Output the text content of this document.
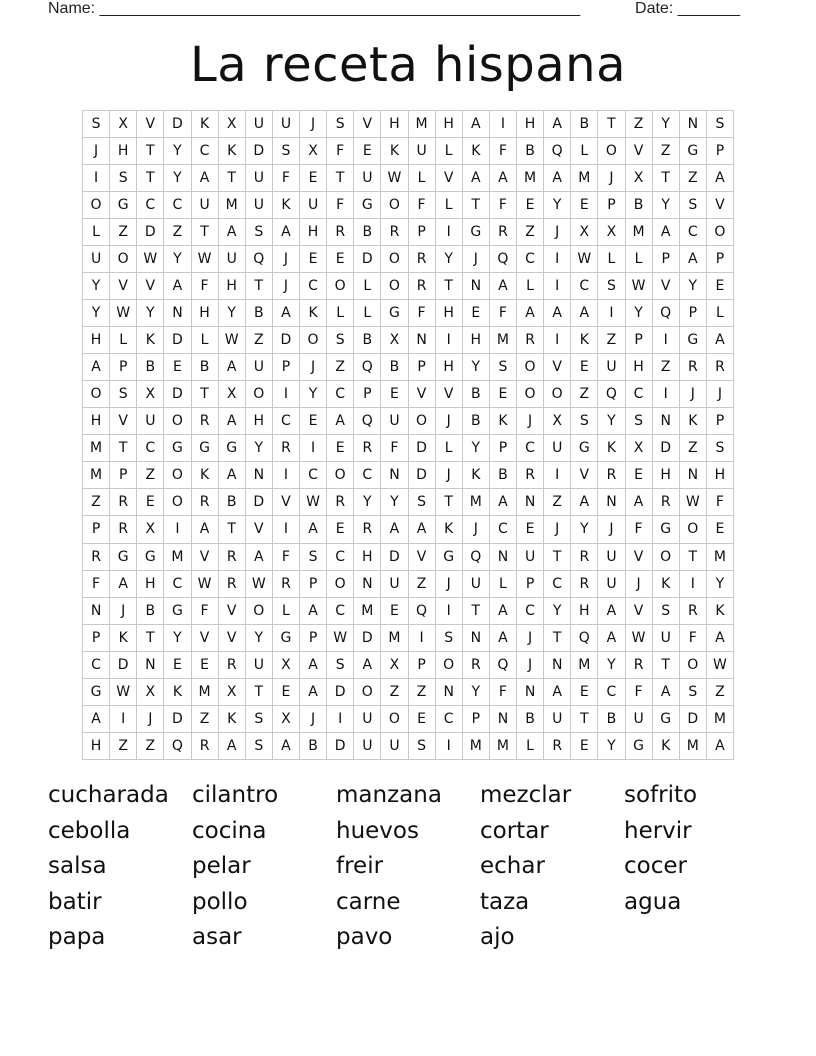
Name: ______________________________________________________	Date: _______
La receta hispana
S	X	V	D	K	X	U	U	J	S	V	H	M	H	A	I	H	A	B	T	Z	Y	N	S
J	H	T	Y	C	K	D	S	X	F	E	K	U	L	K	F	B	Q	L	O	V	Z	G	P
I	S	T	Y	A	T	U	F	E	T	U	W	L	V	A	A	M	A	M	J	X	T	Z	A
O	G	C	C	U	M	U	K	U	F	G	O	F	L	T	F	E	Y	E	P	B	Y	S	V
L	Z	D	Z	T	A	S	A	H	R	B	R	P	I	G	R	Z	J	X	X	M	A	C	O
U	O	W	Y	W	U	Q	J	E	E	D	O	R	Y	J	Q	C	I	W	L	L	P	A	P
Y	V	V	A	F	H	T	J	C	O	L	O	R	T	N	A	L	I	C	S	W	V	Y	E
Y	W	Y	N	H	Y	B	A	K	L	L	G	F	H	E	F	A	A	A	I	Y	Q	P	L
H	L	K	D	L	W	Z	D	O	S	B	X	N	I	H	M	R	I	K	Z	P	I	G	A
A	P	B	E	B	A	U	P	J	Z	Q	B	P	H	Y	S	O	V	E	U	H	Z	R	R
O	S	X	D	T	X	O	I	Y	C	P	E	V	V	B	E	O	O	Z	Q	C	I	J	J
H	V	U	O	R	A	H	C	E	A	Q	U	O	J	B	K	J	X	S	Y	S	N	K	P
M	T	C	G	G	G	Y	R	I	E	R	F	D	L	Y	P	C	U	G	K	X	D	Z	S
M	P	Z	O	K	A	N	I	C	O	C	N	D	J	K	B	R	I	V	R	E	H	N	H
Z	R	E	O	R	B	D	V	W	R	Y	Y	S	T	M	A	N	Z	A	N	A	R	W	F
P	R	X	I	A	T	V	I	A	E	R	A	A	K	J	C	E	J	Y	J	F	G	O	E
R	G	G	M	V	R	A	F	S	C	H	D	V	G	Q	N	U	T	R	U	V	O	T	M
F	A	H	C	W	R	W	R	P	O	N	U	Z	J	U	L	P	C	R	U	J	K	I	Y
N	J	B	G	F	V	O	L	A	C	M	E	Q	I	T	A	C	Y	H	A	V	S	R	K
P	K	T	Y	V	V	Y	G	P	W	D	M	I	S	N	A	J	T	Q	A	W	U	F	A
C	D	N	E	E	R	U	X	A	S	A	X	P	O	R	Q	J	N	M	Y	R	T	O	W
G	W	X	K	M	X	T	E	A	D	O	Z	Z	N	Y	F	N	A	E	C	F	A	S	Z
A	I	J	D	Z	K	S	X	J	I	U	O	E	C	P	N	B	U	T	B	U	G	D	M
H	Z	Z	Q	R	A	S	A	B	D	U	U	S	I	M	M	L	R	E	Y	G	K	M	A
cucharada	cilantro	manzana	mezclar	sofrito
cebolla	cocina	huevos	cortar	hervir
salsa	pelar	freir	echar	cocer
batir	pollo	carne	taza	agua
papa	asar	pavo	ajo
